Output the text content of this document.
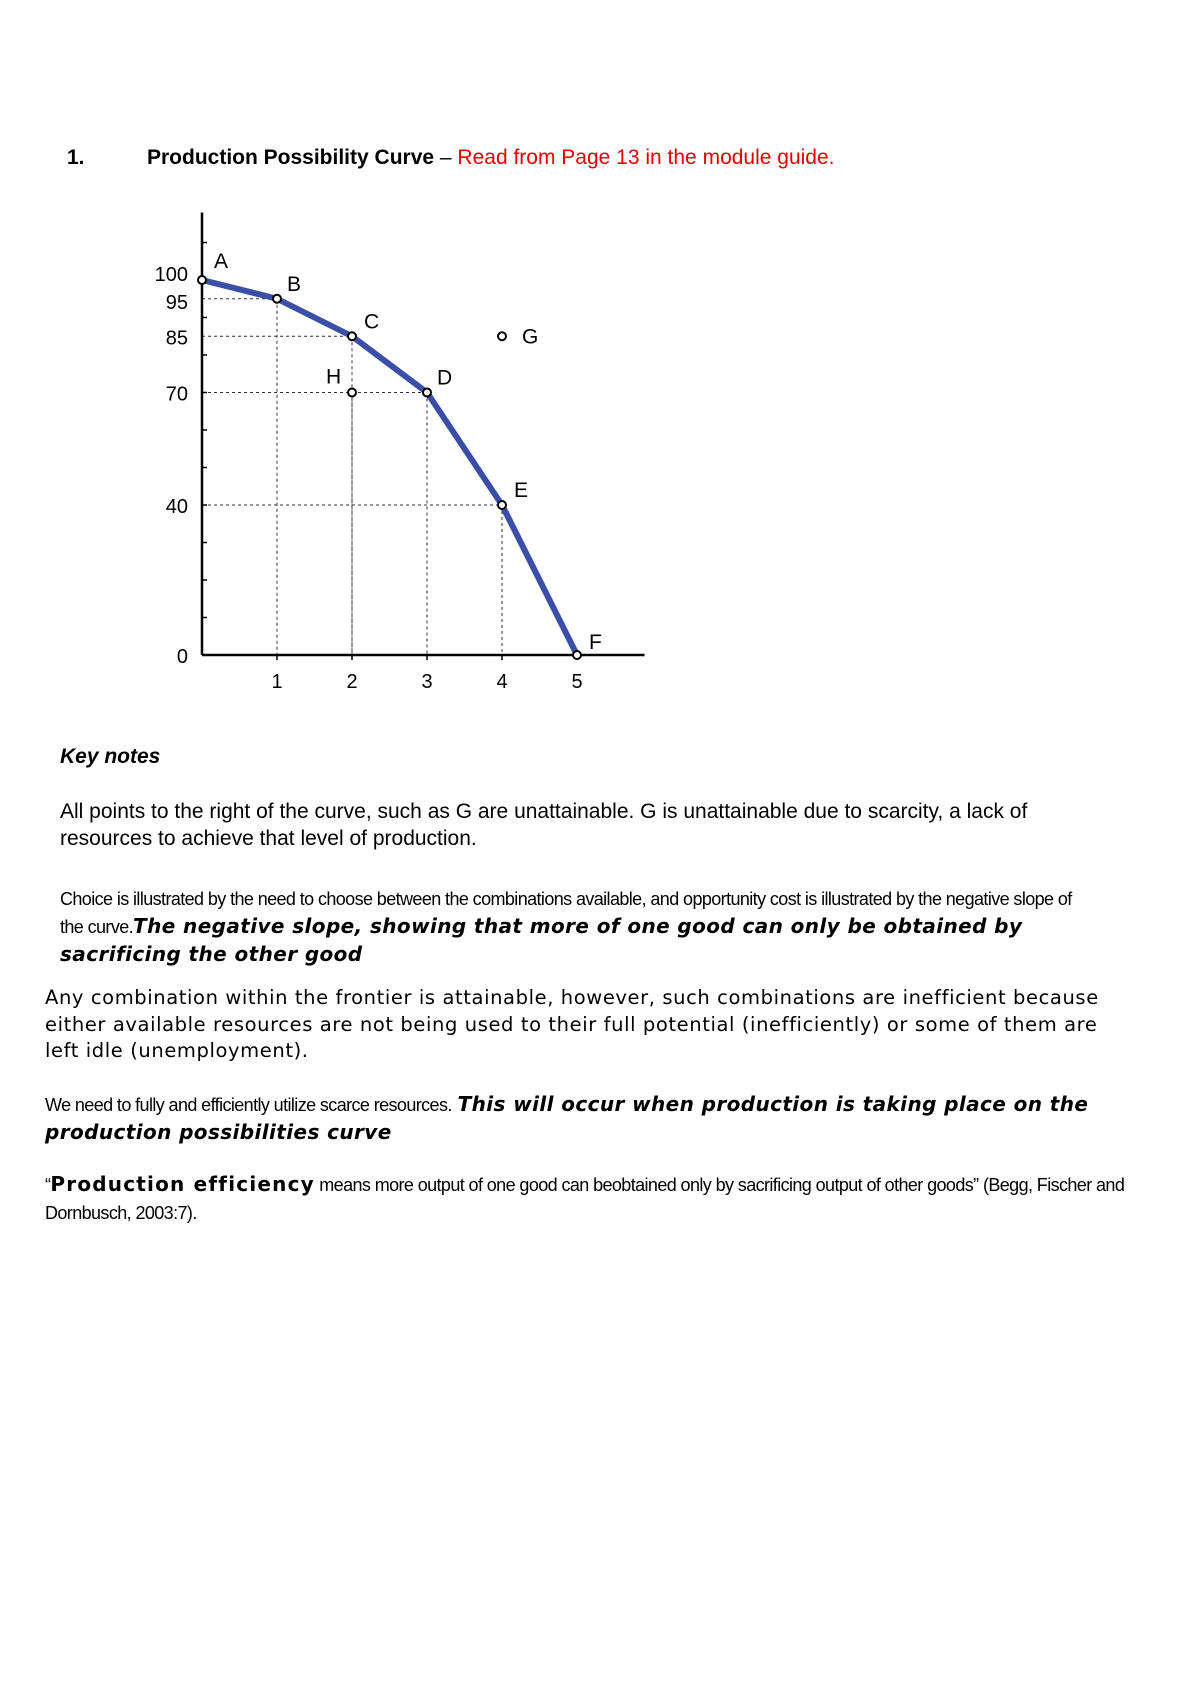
1.	Production Possibility Curve – Read from Page 13 in the module guide.
0
40
70
85
95
100
1	2	3	4	5
A
B
C
D
E
F
G
H
Key notes
All points to the right of the curve, such as G are unattainable. G is unattainable due to scarcity, a lack of resources to achieve that level of production.
Choice is illustrated by the need to choose between the combinations available, and opportunity cost is illustrated by the negative slope of the curve.The negative slope, showing that more of one good can only be obtained by sacrificing the other good
Any combination within the frontier is attainable, however, such combinations are inefficient because either available resources are not being used to their full potential (inefficiently) or some of them are left idle (unemployment).
We need to fully and efficiently utilize scarce resources. This will occur when production is taking place on the production possibilities curve
“Production efficiency means more output of one good can beobtained only by sacrificing output of other goods” (Begg, Fischer and Dornbusch, 2003:7).
